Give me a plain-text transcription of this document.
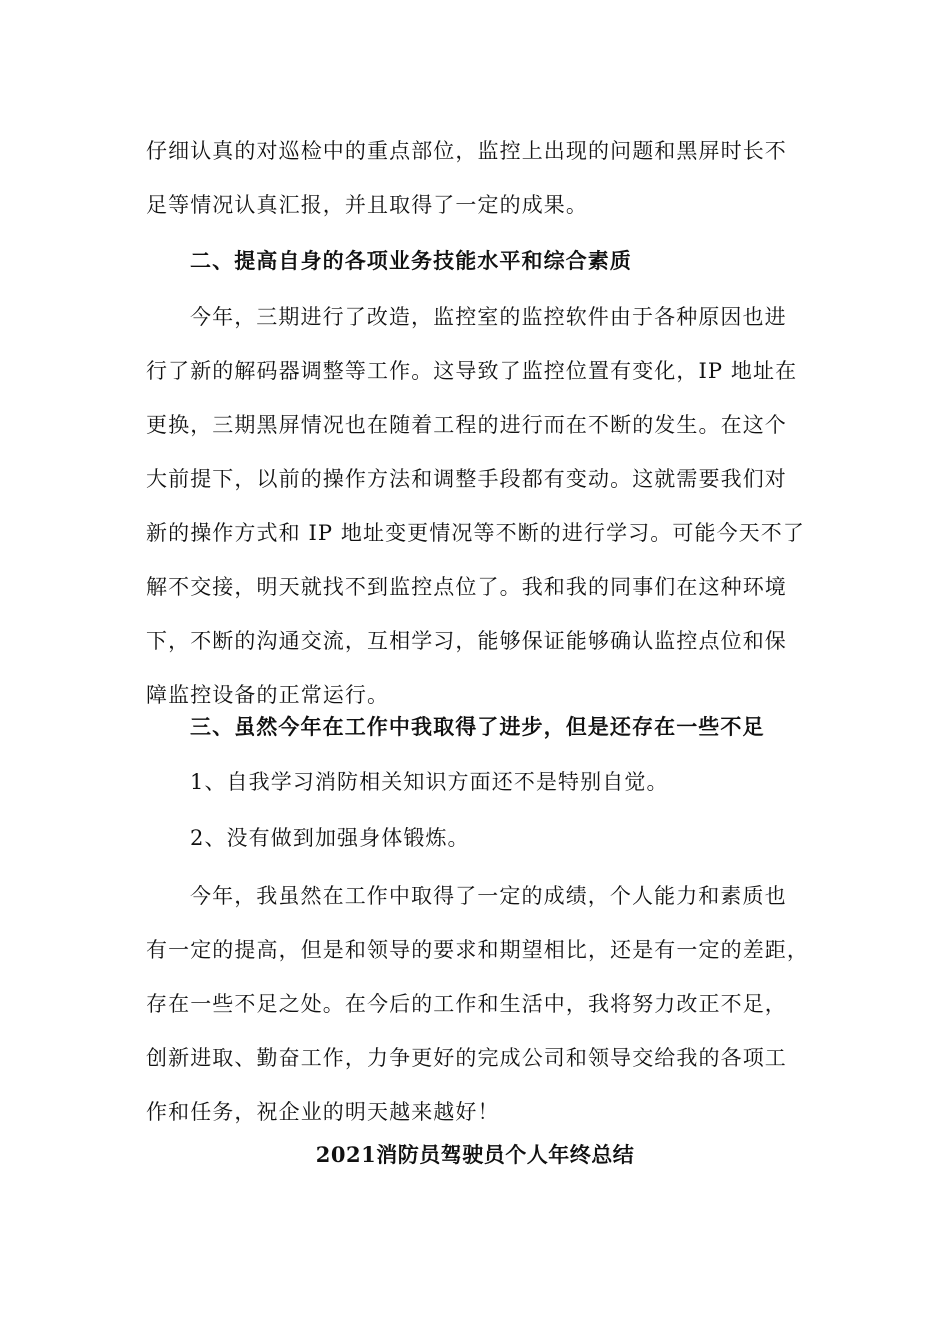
仔细认真的对巡检中的重点部位，监控上出现的问题和黑屏时长不
足等情况认真汇报，并且取得了一定的成果。

二、提高自身的各项业务技能水平和综合素质

今年，三期进行了改造，监控室的监控软件由于各种原因也进
行了新的解码器调整等工作。这导致了监控位置有变化，IP 地址在
更换，三期黑屏情况也在随着工程的进行而在不断的发生。在这个
大前提下，以前的操作方法和调整手段都有变动。这就需要我们对
新的操作方式和 IP 地址变更情况等不断的进行学习。可能今天不了
解不交接，明天就找不到监控点位了。我和我的同事们在这种环境
下，不断的沟通交流，互相学习，能够保证能够确认监控点位和保
障监控设备的正常运行。

三、虽然今年在工作中我取得了进步，但是还存在一些不足

1、自我学习消防相关知识方面还不是特别自觉。
2、没有做到加强身体锻炼。
今年，我虽然在工作中取得了一定的成绩，个人能力和素质也
有一定的提高，但是和领导的要求和期望相比，还是有一定的差距，
存在一些不足之处。在今后的工作和生活中，我将努力改正不足，
创新进取、勤奋工作，力争更好的完成公司和领导交给我的各项工
作和任务，祝企业的明天越来越好！

2021消防员驾驶员个人年终总结
